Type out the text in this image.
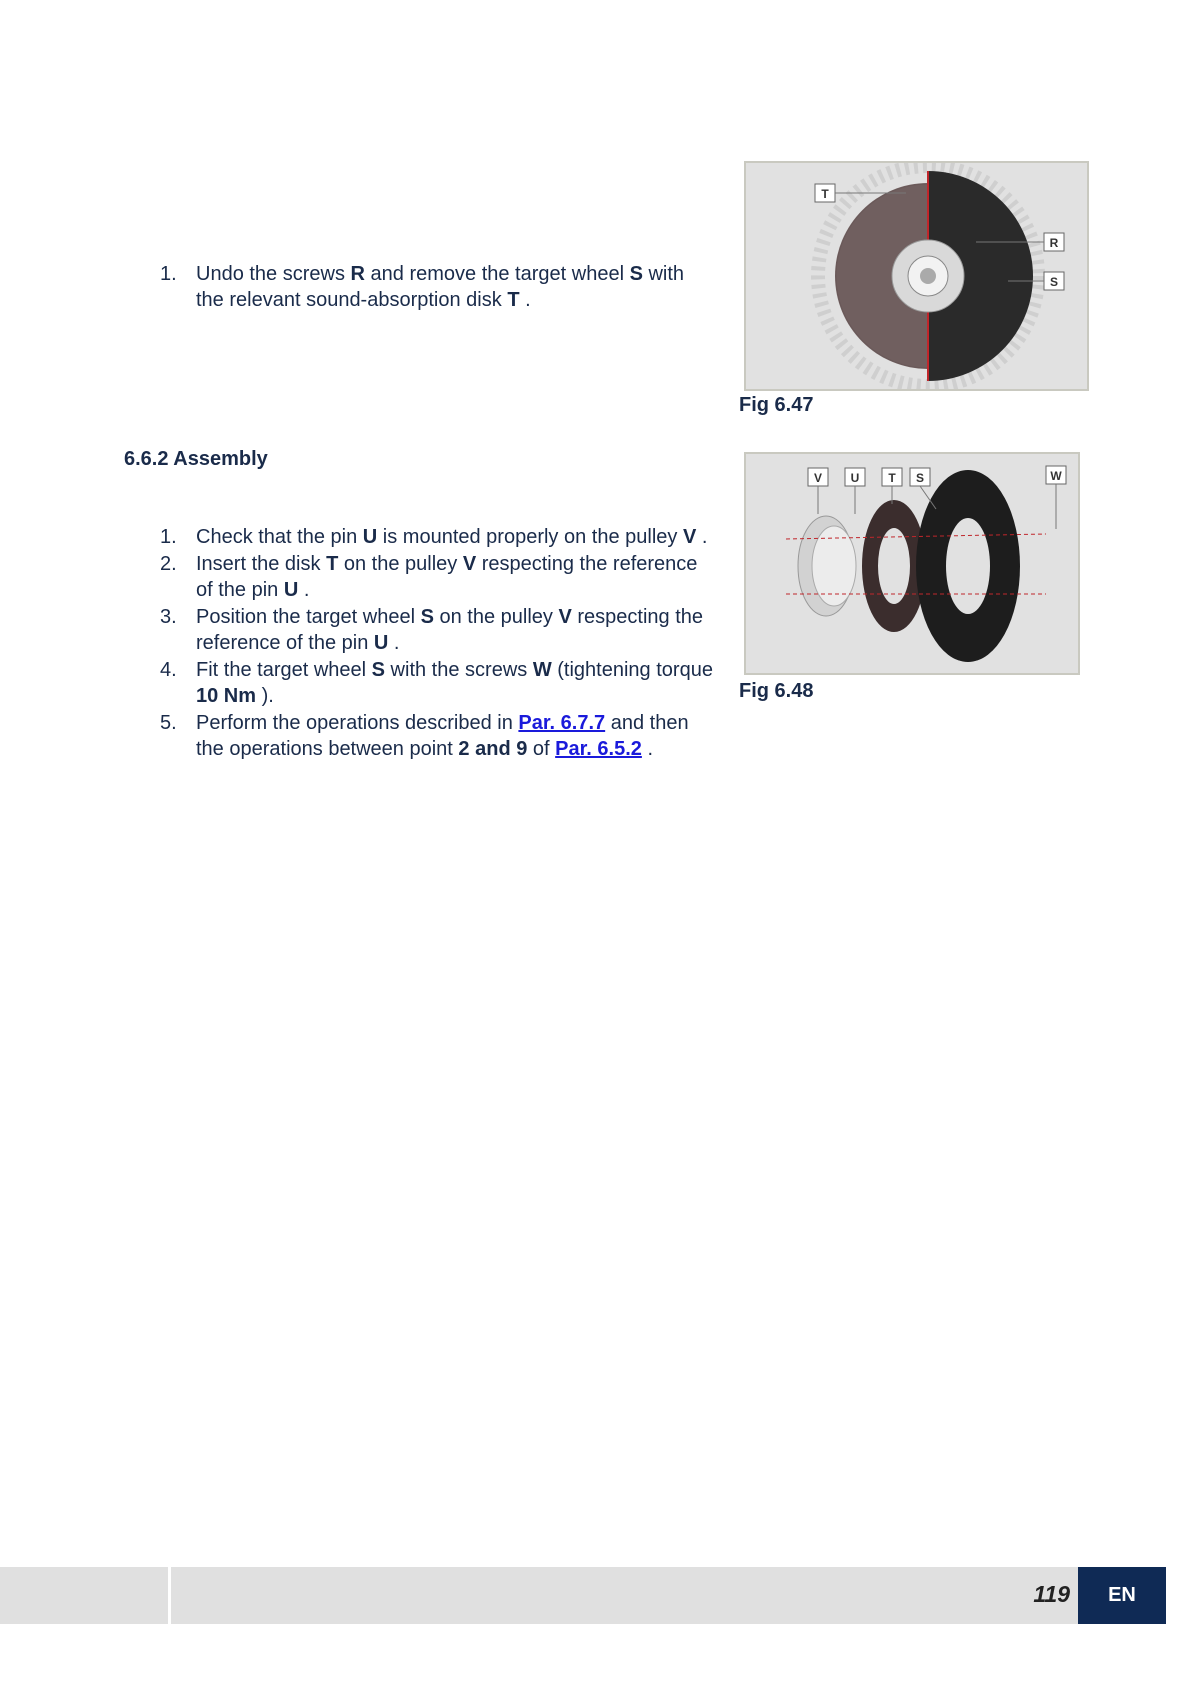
1. Undo the screws R and remove the target wheel S with the relevant sound-absorption disk T .
T
R
S
Fig 6.47
6.6.2 Assembly
V U T S	W
Fig 6.48
1. Check that the pin U is mounted properly on the pulley V .
2. Insert the disk T on the pulley V respecting the reference of the pin U .
3. Position the target wheel S on the pulley V respecting the reference of the pin U .
4. Fit the target wheel S with the screws W (tightening torque 10 Nm ).
5. Perform the operations described in Par. 6.7.7 and then the operations between point 2 and 9 of Par. 6.5.2 .
119	EN
